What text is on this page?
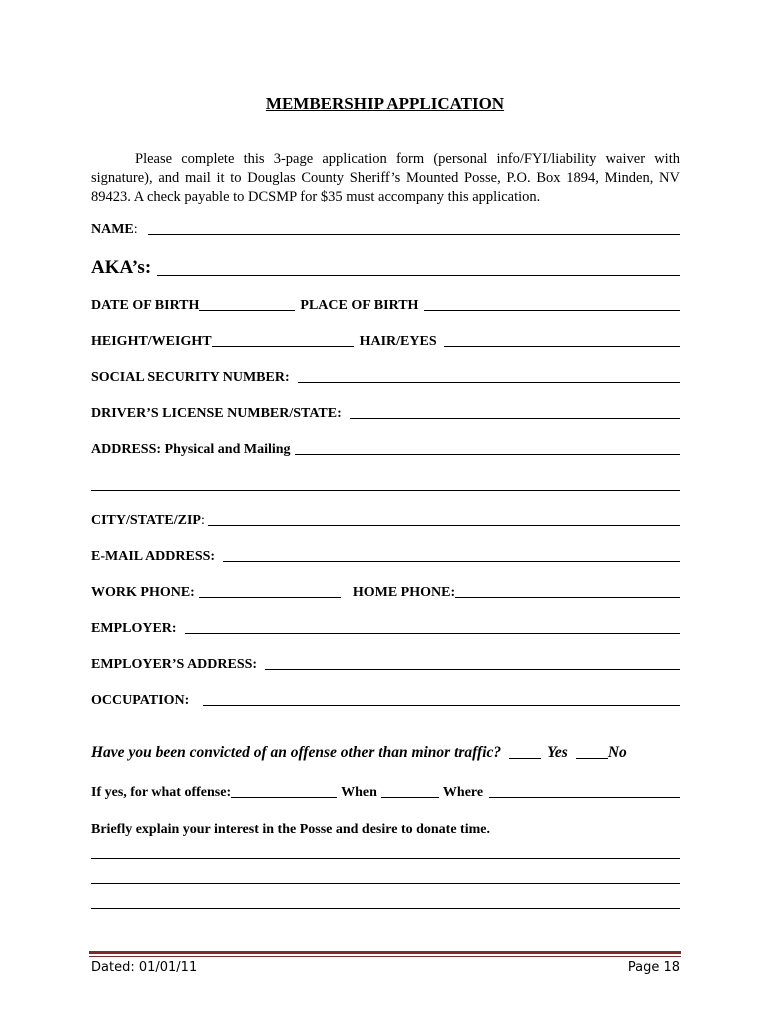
MEMBERSHIP APPLICATION
Please complete this 3-page application form (personal info/FYI/liability waiver with signature), and mail it to Douglas County Sheriff’s Mounted Posse, P.O. Box 1894, Minden, NV 89423. A check payable to DCSMP for $35 must accompany this application.
NAME :
AKA’s:
DATE OF BIRTH	PLACE OF BIRTH
HEIGHT/WEIGHT	HAIR/EYES
SOCIAL SECURITY NUMBER:
DRIVER’S LICENSE NUMBER/STATE:
ADDRESS: Physical and Mailing
CITY/STATE/ZIP :
E-MAIL ADDRESS:
WORK PHONE:	HOME PHONE:
EMPLOYER:
EMPLOYER’S ADDRESS:
OCCUPATION:
Have you been convicted of an offense other than minor traffic?	Yes	No
If yes, for what offense:	When	Where
Briefly explain your interest in the Posse and desire to donate time.
Dated: 01/01/11	Page 18
